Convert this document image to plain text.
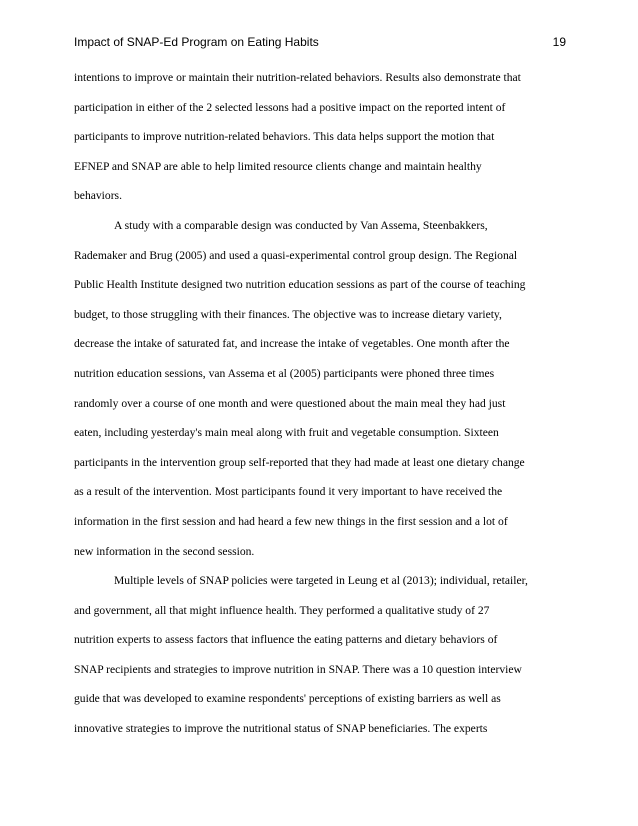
Impact of SNAP-Ed Program on Eating Habits	19
intentions to improve or maintain their nutrition-related behaviors. Results also demonstrate that
participation in either of the 2 selected lessons had a positive impact on the reported intent of
participants to improve nutrition-related behaviors. This data helps support the motion that
EFNEP and SNAP are able to help limited resource clients change and maintain healthy
behaviors.
A study with a comparable design was conducted by Van Assema, Steenbakkers,
Rademaker and Brug (2005) and used a quasi-experimental control group design. The Regional
Public Health Institute designed two nutrition education sessions as part of the course of teaching
budget, to those struggling with their finances. The objective was to increase dietary variety,
decrease the intake of saturated fat, and increase the intake of vegetables. One month after the
nutrition education sessions, van Assema et al (2005) participants were phoned three times
randomly over a course of one month and were questioned about the main meal they had just
eaten, including yesterday's main meal along with fruit and vegetable consumption. Sixteen
participants in the intervention group self-reported that they had made at least one dietary change
as a result of the intervention. Most participants found it very important to have received the
information in the first session and had heard a few new things in the first session and a lot of
new information in the second session.
Multiple levels of SNAP policies were targeted in Leung et al (2013); individual, retailer,
and government, all that might influence health. They performed a qualitative study of 27
nutrition experts to assess factors that influence the eating patterns and dietary behaviors of
SNAP recipients and strategies to improve nutrition in SNAP. There was a 10 question interview
guide that was developed to examine respondents' perceptions of existing barriers as well as
innovative strategies to improve the nutritional status of SNAP beneficiaries. The experts
